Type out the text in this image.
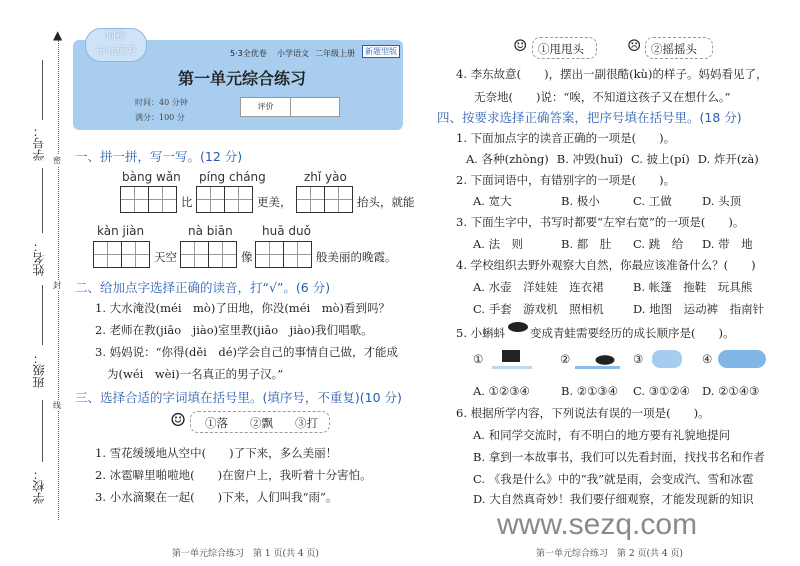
▲
密
封
线
学号：
姓名：
班级：
学校：
同步
单元练习	5·3全优卷 小学语文 二年级上册	新题型版
第一单元综合练习
时间：40 分钟
满分：100 分
评价
一、拼一拼，写一写。(12 分)
bàng wǎn píng cháng	zhǐ yào
比	更美，	抬头，就能
kàn jiàn	nà biān huā duǒ
天空	像	般美丽的晚霞。
二、给加点字选择正确的读音，打“√”。(6 分)
1. 大水淹没(méi　mò)了田地，你没(méi　mò)看到吗？
2. 老师在教(jiāo　jiào)室里教(jiāo　jiào)我们唱歌。
3. 妈妈说：“你得(děi　dé)学会自己的事情自己做，才能成
为(wéi　wèi)一名真正的男子汉。”
三、选择合适的字词填在括号里。(填序号，不重复)(10 分)
☺ ①落 ②飘 ③打
1. 雪花缓缓地从空中(　　)了下来，多么美丽！
2. 冰雹噼里啪啦地(　　)在窗户上，我听着十分害怕。
3. 小水滴聚在一起(　　)下来，人们叫我“雨”。
第一单元综合练习　第 1 页(共 4 页)
☺ ①甩甩头	☹ ②摇摇头
4. 李东故意(　　)，摆出一副很酷(kù)的样子。妈妈看见了，
无奈地(　　)说：“唉，不知道这孩子又在想什么。”
四、按要求选择正确答案，把序号填在括号里。(18 分)
1. 下面加点字的读音正确的一项是(　　)。
A. 各种(zhòng) B. 冲毁(huǐ) C. 披上(pí) D. 炸开(zà)
2. 下面词语中，有错别字的一项是(　　)。
A. 宽大	B. 极小	C. 工做	D. 头顶
3. 下面生字中，书写时都要“左窄右宽”的一项是(　　)。
A. 法　则	B. 都　肚 C. 跳　给 D. 带　地
4. 学校组织去野外观察大自然，你最应该准备什么？(　　)
A. 水壶　洋娃娃　连衣裙	B. 帐篷　拖鞋　玩具熊
C. 手套　游戏机　照相机	D. 地图　运动裤　指南针
5. 小蝌蚪 变成青蛙需要经历的成长顺序是(　　)。
①	②	③	④
A. ①②③④	B. ②①③④ C. ③①②④ D. ②①④③
6. 根据所学内容，下列说法有误的一项是(　　)。
A. 和同学交流时，有不明白的地方要有礼貌地提问
B. 拿到一本故事书，我们可以先看封面，找找书名和作者
C. 《我是什么》中的“我”就是雨，会变成汽、雪和冰雹
D. 大自然真奇妙！我们要仔细观察，才能发现新的知识
www.sezq.com
第一单元综合练习　第 2 页(共 4 页)
